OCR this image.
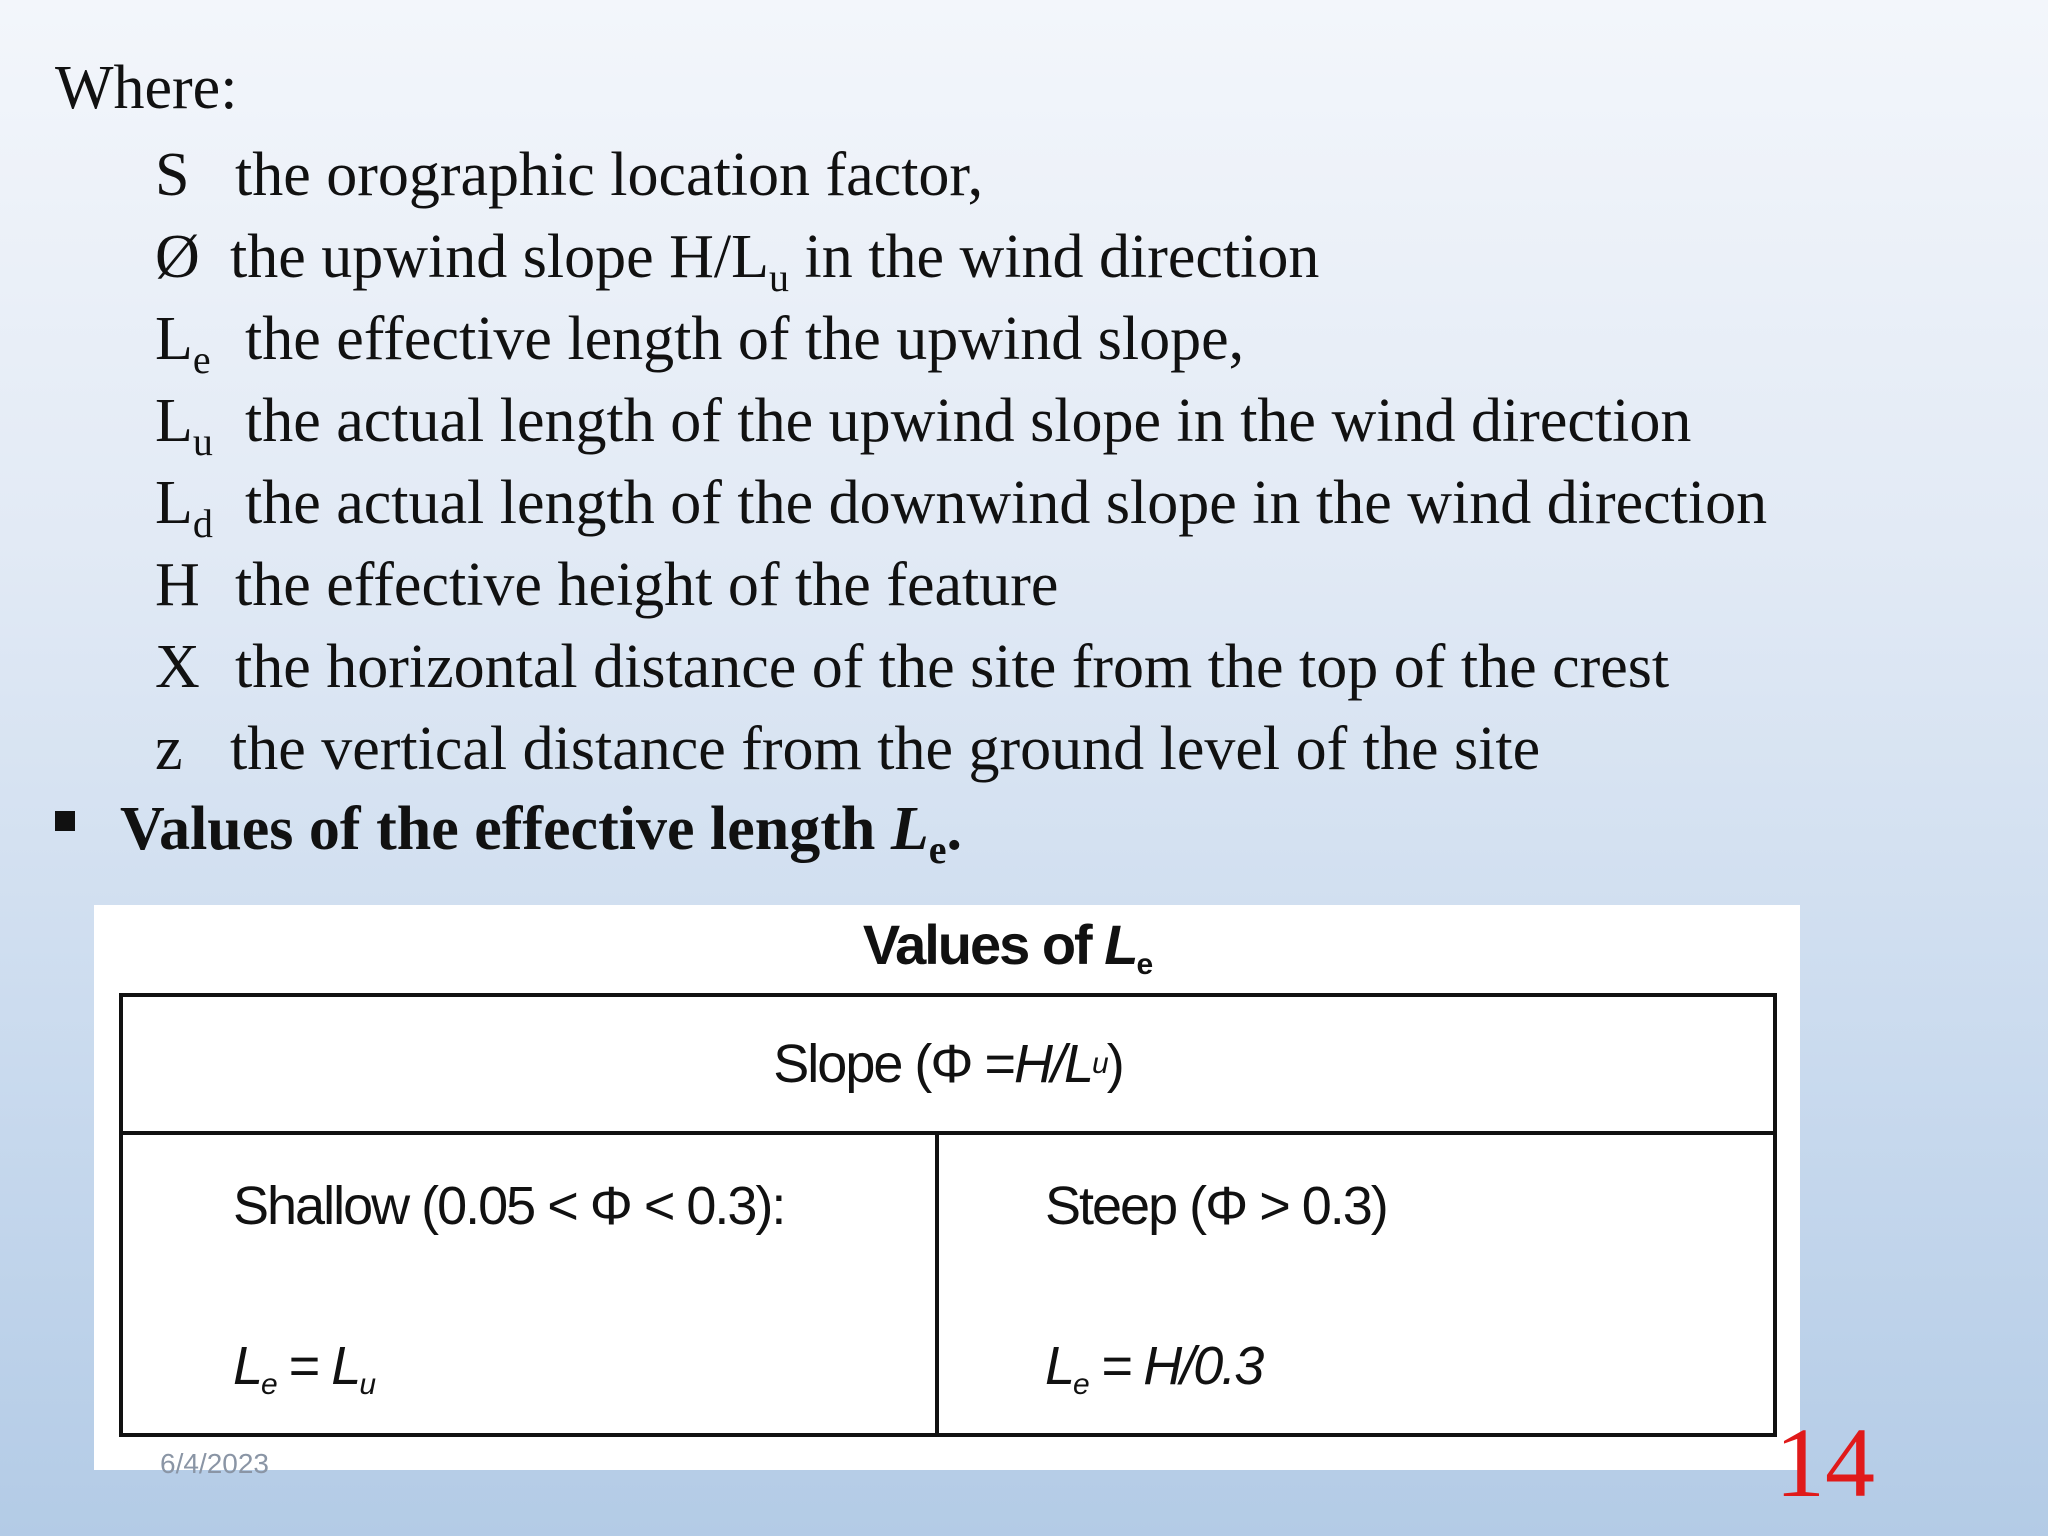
Where:
S the orographic location factor,
Ø the upwind slope $H/L_u$ in the wind direction
$L_e$ the effective length of the upwind slope,
$L_u$ the actual length of the upwind slope in the wind direction
$L_d$ the actual length of the downwind slope in the wind direction
H the effective height of the feature
X the horizontal distance of the site from the top of the crest
z the vertical distance from the ground level of the site
Values of the effective length $L_e$.
Values of $L_e$
Slope (Φ = H/L u )
Shallow (0.05 < Φ < 0.3):
$L_e = L_u$
Steep (Φ > 0.3)
$L_e = H/0.3$
6/4/2023	14
